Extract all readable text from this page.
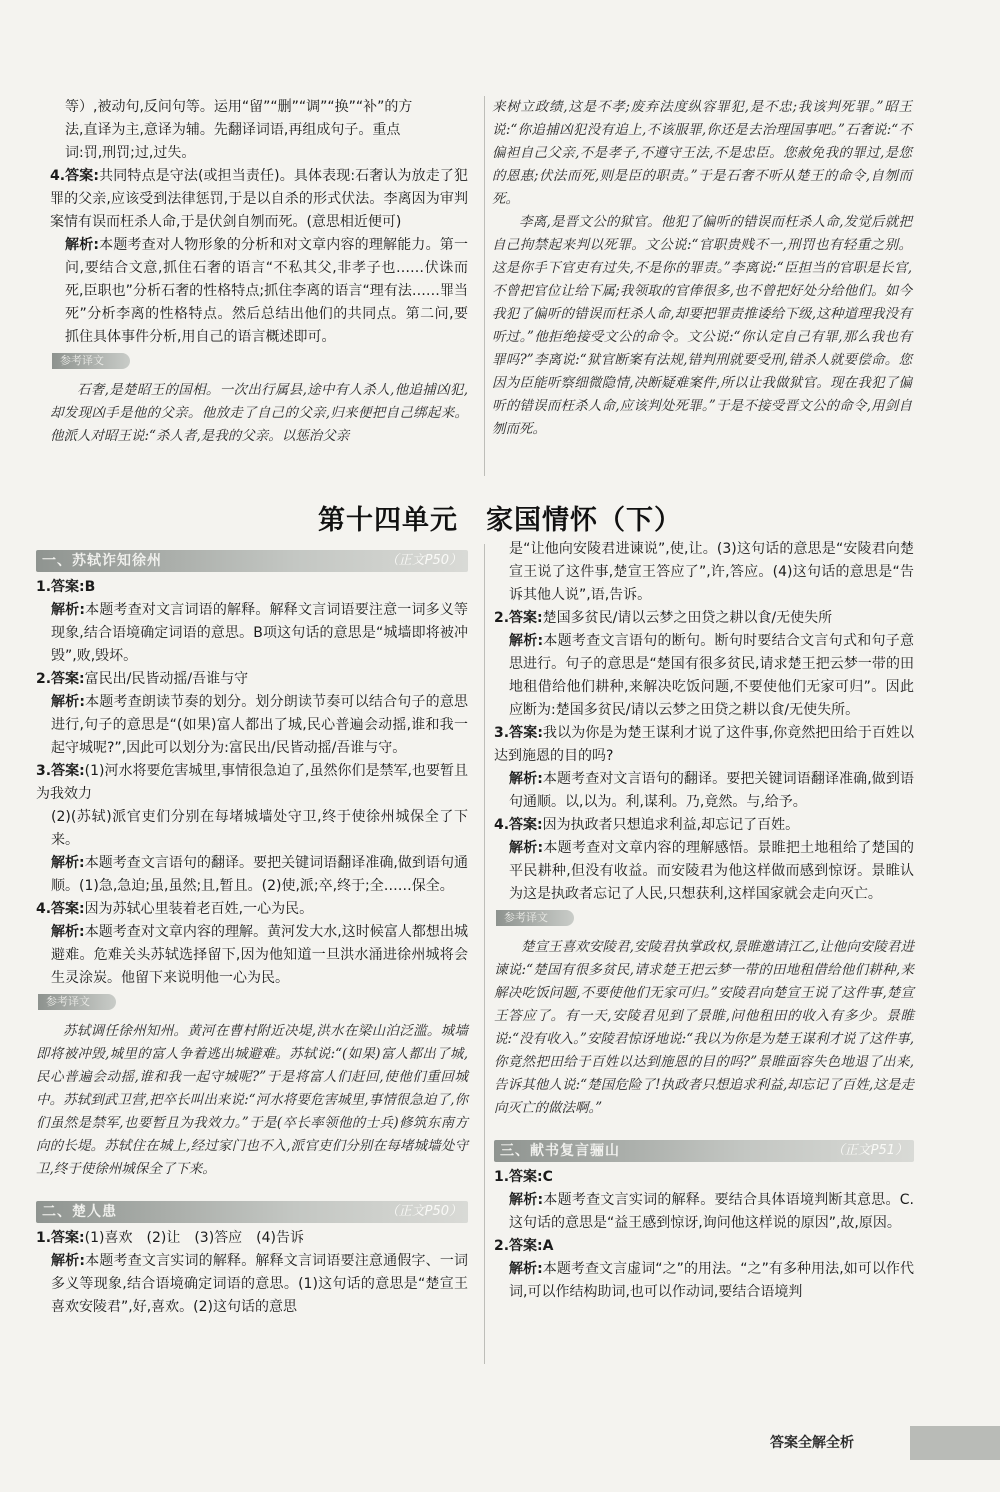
等）,被动句,反问句等。运用“留”“删”“调”“换”“补”的方

法,直译为主,意译为辅。先翻译词语,再组成句子。重点

词:罚,刑罚;过,过失。

4.答案:共同特点是守法(或担当责任)。具体表现:石奢认为放走了犯罪的父亲,应该受到法律惩罚,于是以自杀的形式伏法。李离因为审判案情有误而枉杀人命,于是伏剑自刎而死。(意思相近便可)

解析:本题考查对人物形象的分析和对文章内容的理解能力。第一问,要结合文意,抓住石奢的语言“不私其父,非孝子也……伏诛而死,臣职也”分析石奢的性格特点;抓住李离的语言“理有法……罪当死”分析李离的性格特点。然后总结出他们的共同点。第二问,要抓住具体事件分析,用自己的语言概述即可。

参考译文

石奢,是楚昭王的国相。一次出行属县,途中有人杀人,他追捕凶犯,却发现凶手是他的父亲。他放走了自己的父亲,归来便把自己绑起来。他派人对昭王说:“杀人者,是我的父亲。以惩治父亲

来树立政绩,这是不孝;废弃法度纵容罪犯,是不忠;我该判死罪。”昭王说:“你追捕凶犯没有追上,不该服罪,你还是去治理国事吧。”石奢说:“不偏袒自己父亲,不是孝子,不遵守王法,不是忠臣。您赦免我的罪过,是您的恩惠;伏法而死,则是臣的职责。”于是石奢不听从楚王的命令,自刎而死。

李离,是晋文公的狱官。他犯了偏听的错误而枉杀人命,发觉后就把自己拘禁起来判以死罪。文公说:“官职贵贱不一,刑罚也有轻重之别。这是你手下官吏有过失,不是你的罪责。”李离说:“臣担当的官职是长官,不曾把官位让给下属;我领取的官俸很多,也不曾把好处分给他们。如今我犯了偏听的错误而枉杀人命,却要把罪责推诿给下级,这种道理我没有听过。”他拒绝接受文公的命令。文公说:“你认定自己有罪,那么我也有罪吗?”李离说:“狱官断案有法规,错判刑就要受刑,错杀人就要偿命。您因为臣能听察细微隐情,决断疑难案件,所以让我做狱官。现在我犯了偏听的错误而枉杀人命,应该判处死罪。”于是不接受晋文公的命令,用剑自刎而死。

第十四单元　家国情怀（下）
一、苏轼诈知徐州	（正文P50）

1.答案:B

解析:本题考查对文言词语的解释。解释文言词语要注意一词多义等现象,结合语境确定词语的意思。B项这句话的意思是“城墙即将被冲毁”,败,毁坏。

2.答案:富民出/民皆动摇/吾谁与守

解析:本题考查朗读节奏的划分。划分朗读节奏可以结合句子的意思进行,句子的意思是“(如果)富人都出了城,民心普遍会动摇,谁和我一起守城呢?”,因此可以划分为:富民出/民皆动摇/吾谁与守。

3.答案:(1)河水将要危害城里,事情很急迫了,虽然你们是禁军,也要暂且为我效力

(2)(苏轼)派官吏们分别在每堵城墙处守卫,终于使徐州城保全了下来。

解析:本题考查文言语句的翻译。要把关键词语翻译准确,做到语句通顺。(1)急,急迫;虽,虽然;且,暂且。(2)使,派;卒,终于;全……保全。

4.答案:因为苏轼心里装着老百姓,一心为民。

解析:本题考查对文章内容的理解。黄河发大水,这时候富人都想出城避难。危难关头苏轼选择留下,因为他知道一旦洪水涌进徐州城将会生灵涂炭。他留下来说明他一心为民。

参考译文

苏轼调任徐州知州。黄河在曹村附近决堤,洪水在梁山泊泛滥。城墙即将被冲毁,城里的富人争着逃出城避难。苏轼说:“(如果)富人都出了城,民心普遍会动摇,谁和我一起守城呢?”于是将富人们赶回,使他们重回城中。苏轼到武卫营,把卒长叫出来说:“河水将要危害城里,事情很急迫了,你们虽然是禁军,也要暂且为我效力。”于是(卒长率领他的士兵)修筑东南方向的长堤。苏轼住在城上,经过家门也不入,派官吏们分别在每堵城墙处守卫,终于使徐州城保全了下来。

二、楚人患	（正文P50）

1.答案:(1)喜欢　(2)让　(3)答应　(4)告诉

解析:本题考查文言实词的解释。解释文言词语要注意通假字、一词多义等现象,结合语境确定词语的意思。(1)这句话的意思是“楚宣王喜欢安陵君”,好,喜欢。(2)这句话的意思

是“让他向安陵君进谏说”,使,让。(3)这句话的意思是“安陵君向楚宣王说了这件事,楚宣王答应了”,许,答应。(4)这句话的意思是“告诉其他人说”,语,告诉。

2.答案:楚国多贫民/请以云梦之田贷之耕以食/无使失所

解析:本题考查文言语句的断句。断句时要结合文言句式和句子意思进行。句子的意思是“楚国有很多贫民,请求楚王把云梦一带的田地租借给他们耕种,来解决吃饭问题,不要使他们无家可归”。因此应断为:楚国多贫民/请以云梦之田贷之耕以食/无使失所。

3.答案:我以为你是为楚王谋利才说了这件事,你竟然把田给于百姓以达到施恩的目的吗?

解析:本题考查对文言语句的翻译。要把关键词语翻译准确,做到语句通顺。以,以为。利,谋利。乃,竟然。与,给予。

4.答案:因为执政者只想追求利益,却忘记了百姓。

解析:本题考查对文章内容的理解感悟。景睢把土地租给了楚国的平民耕种,但没有收益。而安陵君为他这样做而感到惊讶。景睢认为这是执政者忘记了人民,只想获利,这样国家就会走向灭亡。

参考译文

楚宣王喜欢安陵君,安陵君执掌政权,景睢邀请江乙,让他向安陵君进谏说:“楚国有很多贫民,请求楚王把云梦一带的田地租借给他们耕种,来解决吃饭问题,不要使他们无家可归。”安陵君向楚宣王说了这件事,楚宣王答应了。有一天,安陵君见到了景睢,问他租田的收入有多少。景睢说:“没有收入。”安陵君惊讶地说:“我以为你是为楚王谋利才说了这件事,你竟然把田给于百姓以达到施恩的目的吗?”景睢面容失色地退了出来,告诉其他人说:“楚国危险了!执政者只想追求利益,却忘记了百姓,这是走向灭亡的做法啊。”

三、献书复言骊山	（正文P51）

1.答案:C

解析:本题考查文言实词的解释。要结合具体语境判断其意思。C.这句话的意思是“益王感到惊讶,询问他这样说的原因”,故,原因。

2.答案:A

解析:本题考查文言虚词“之”的用法。“之”有多种用法,如可以作代词,可以作结构助词,也可以作动词,要结合语境判

答案全解全析
